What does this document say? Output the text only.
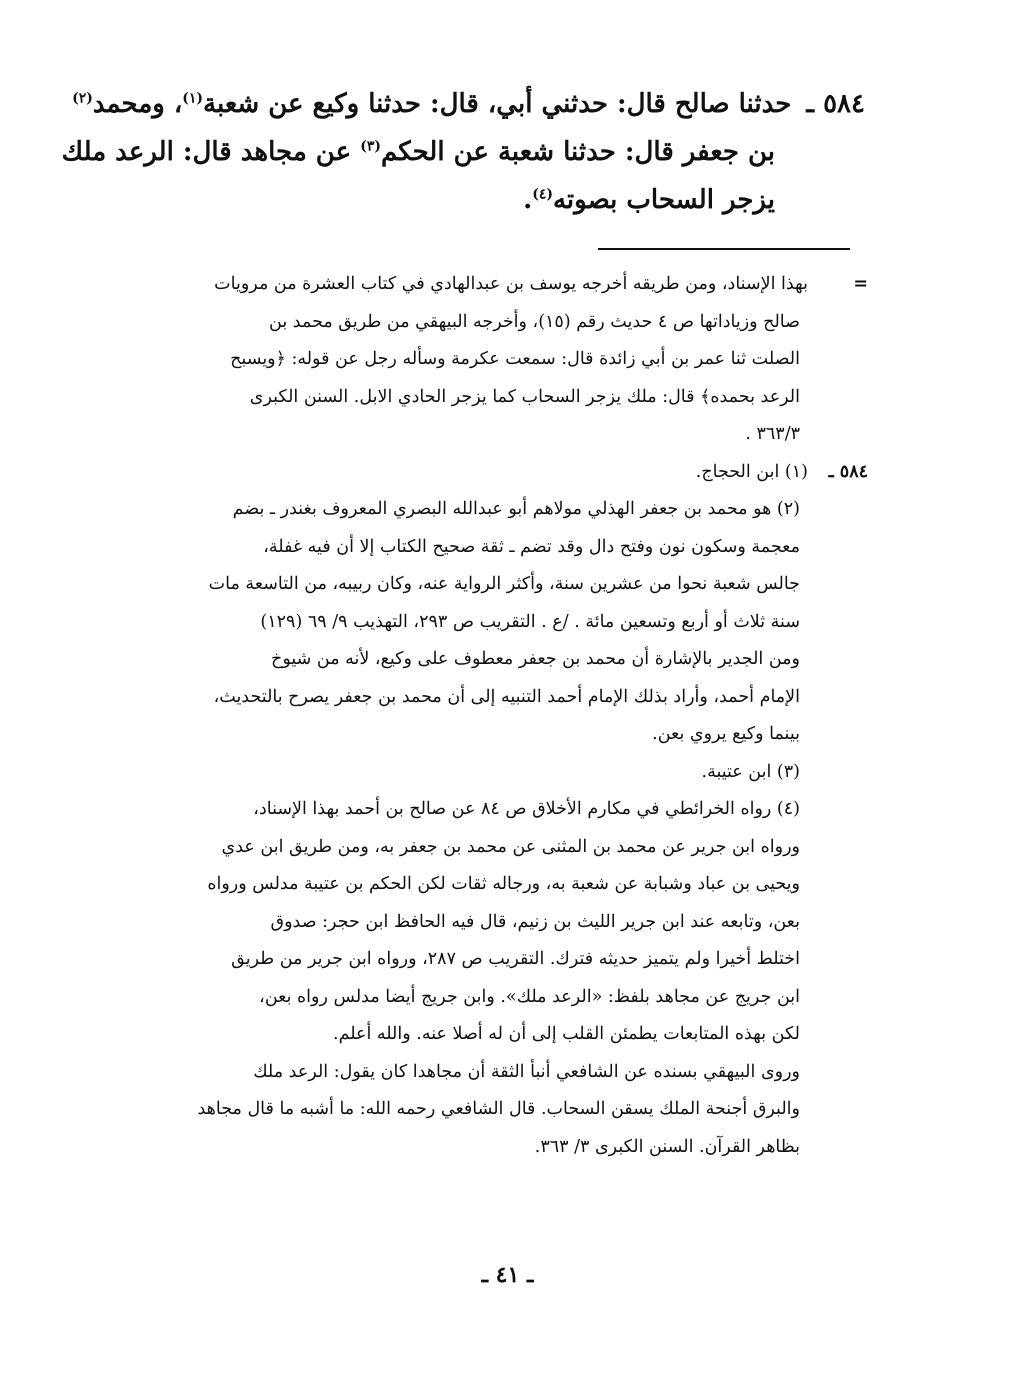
٥٨٤ ـ حدثنا صالح قال: حدثني أبي، قال: حدثنا وكيع عن شعبة$^{(١)}$، ومحمد$^{(٢)}$
بن جعفر قال: حدثنا شعبة عن الحكم$^{(٣)}$ عن مجاهد قال: الرعد ملك
يزجر السحاب بصوته$^{(٤)}$.
=بهذا الإسناد، ومن طريقه أخرجه يوسف بن عبدالهادي في كتاب العشرة من مرويات
صالح وزياداتها ص ٤ حديث رقم (١٥)، وأخرجه البيهقي من طريق محمد بن
الصلت ثنا عمر بن أبي زائدة قال: سمعت عكرمة وسأله رجل عن قوله: ﴿ويسبح
الرعد بحمده﴾ قال: ملك يزجر السحاب كما يزجر الحادي الابل. السنن الكبرى
٣٦٣/٣ .
٥٨٤ ـ(١) ابن الحجاج.
(٢) هو محمد بن جعفر الهذلي مولاهم أبو عبدالله البصري المعروف بغندر ـ بضم
معجمة وسكون نون وفتح دال وقد تضم ـ ثقة صحيح الكتاب إلا أن فيه غفلة،
جالس شعبة نحوا من عشرين سنة، وأكثر الرواية عنه، وكان ربيبه، من التاسعة مات
سنة ثلاث أو أربع وتسعين مائة . /ع . التقريب ص ٢٩٣، التهذيب ٩/ ٦٩ (١٢٩)
ومن الجدير بالإشارة أن محمد بن جعفر معطوف على وكيع، لأنه من شيوخ
الإمام أحمد، وأراد بذلك الإمام أحمد التنبيه إلى أن محمد بن جعفر يصرح بالتحديث،
بينما وكيع يروي بعن.
(٣) ابن عتيبة.
(٤) رواه الخرائطي في مكارم الأخلاق ص ٨٤ عن صالح بن أحمد بهذا الإسناد،
ورواه ابن جرير عن محمد بن المثنى عن محمد بن جعفر به، ومن طريق ابن عدي
ويحيى بن عباد وشبابة عن شعبة به، ورجاله ثقات لكن الحكم بن عتيبة مدلس ورواه
بعن، وتابعه عند ابن جرير الليث بن زنيم، قال فيه الحافظ ابن حجر: صدوق
اختلط أخيرا ولم يتميز حديثه فترك. التقريب ص ٢٨٧، ورواه ابن جرير من طريق
ابن جريج عن مجاهد بلفظ: «الرعد ملك». وابن جريج أيضا مدلس رواه بعن،
لكن بهذه المتابعات يطمئن القلب إلى أن له أصلا عنه. والله أعلم.
وروى البيهقي بسنده عن الشافعي أنبأ الثقة أن مجاهدا كان يقول: الرعد ملك
والبرق أجنحة الملك يسقن السحاب. قال الشافعي رحمه الله: ما أشبه ما قال مجاهد
بظاهر القرآن. السنن الكبرى ٣/ ٣٦٣.
ـ ٤١ ـ
